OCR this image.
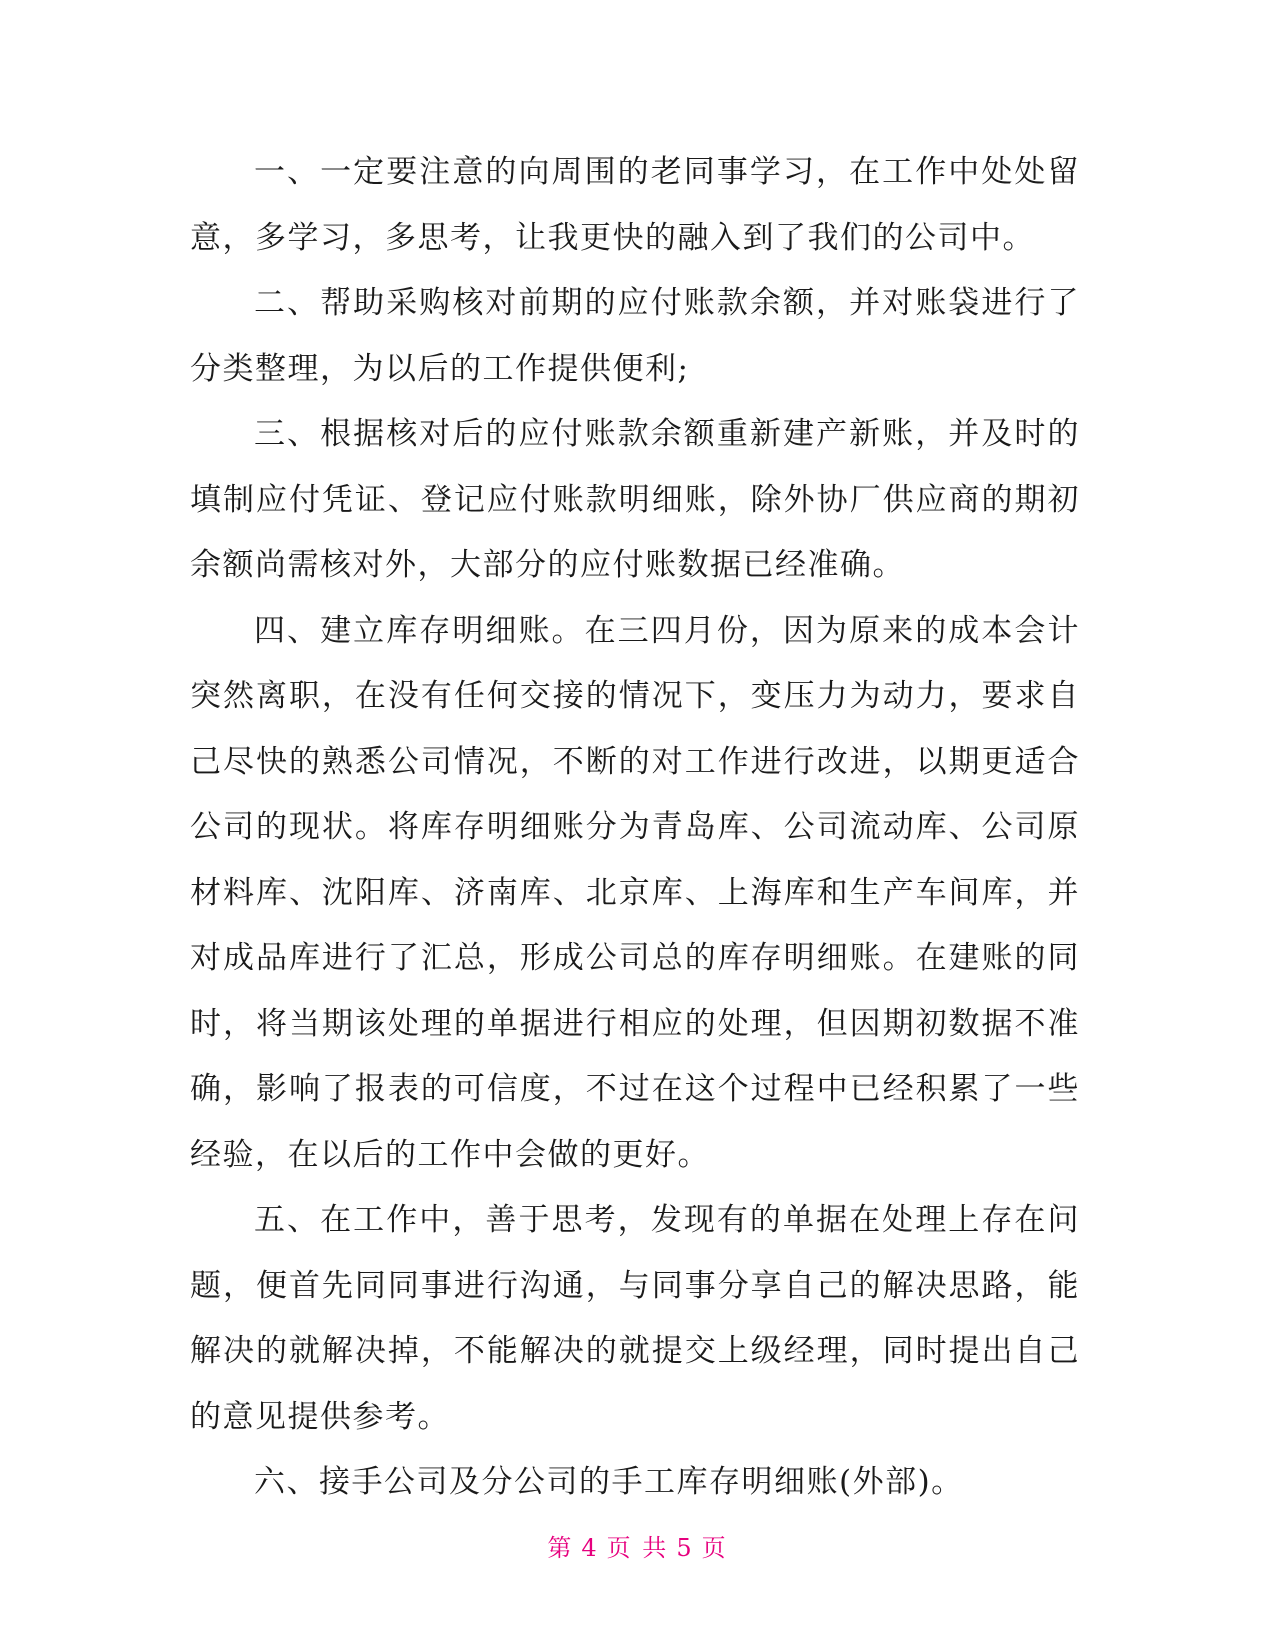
一、一定要注意的向周围的老同事学习，在工作中处处留意，多学习，多思考，让我更快的融入到了我们的公司中。

二、帮助采购核对前期的应付账款余额，并对账袋进行了分类整理，为以后的工作提供便利;

三、根据核对后的应付账款余额重新建产新账，并及时的填制应付凭证、登记应付账款明细账，除外协厂供应商的期初余额尚需核对外，大部分的应付账数据已经准确。

四、建立库存明细账。在三四月份，因为原来的成本会计突然离职，在没有任何交接的情况下，变压力为动力，要求自己尽快的熟悉公司情况，不断的对工作进行改进，以期更适合公司的现状。将库存明细账分为青岛库、公司流动库、公司原材料库、沈阳库、济南库、北京库、上海库和生产车间库，并对成品库进行了汇总，形成公司总的库存明细账。在建账的同时，将当期该处理的单据进行相应的处理，但因期初数据不准确，影响了报表的可信度，不过在这个过程中已经积累了一些经验，在以后的工作中会做的更好。

五、在工作中，善于思考，发现有的单据在处理上存在问题，便首先同同事进行沟通，与同事分享自己的解决思路，能解决的就解决掉，不能解决的就提交上级经理，同时提出自己的意见提供参考。

六、接手公司及分公司的手工库存明细账(外部)。

第 4 页 共 5 页
